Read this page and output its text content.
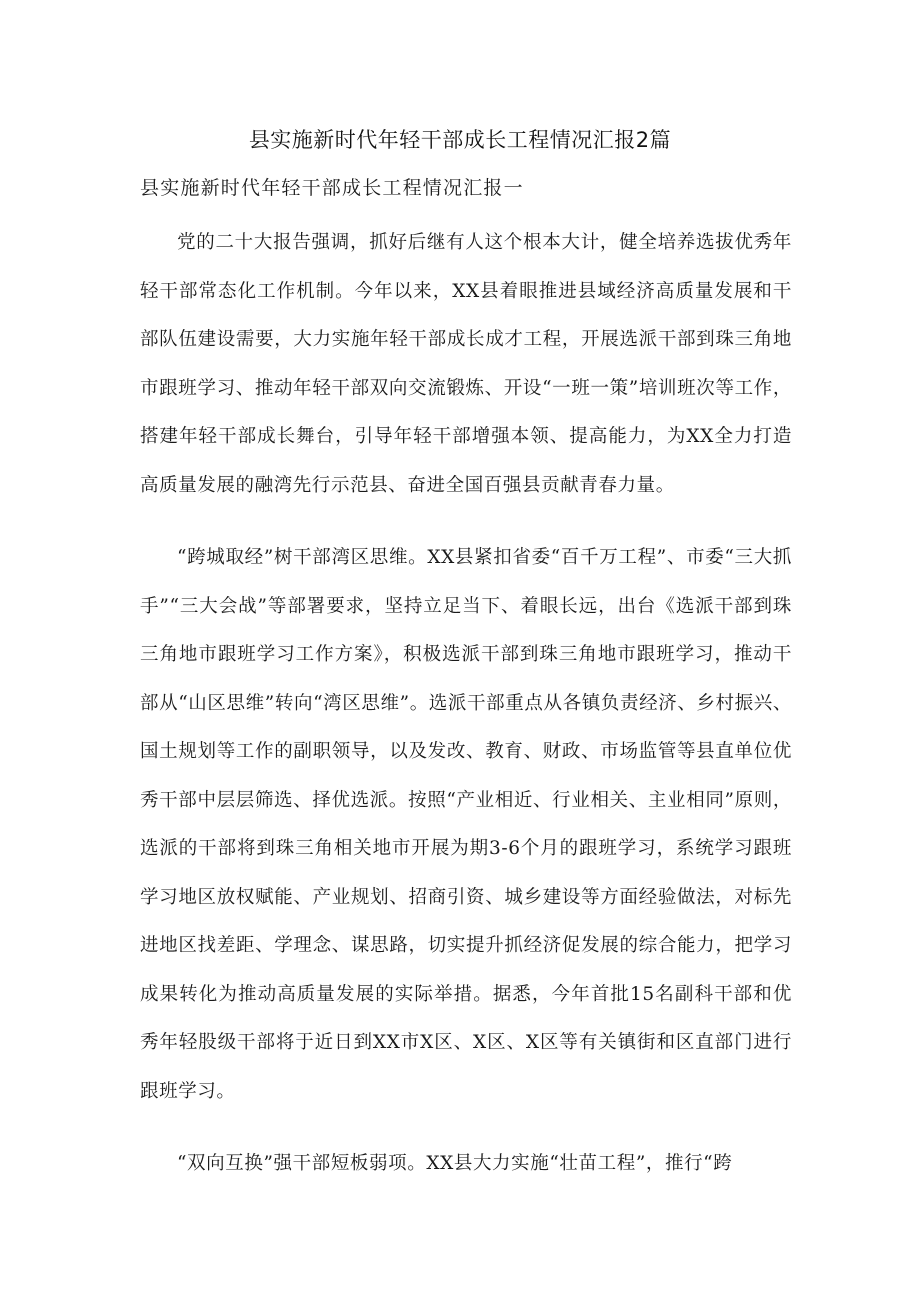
县实施新时代年轻干部成长工程情况汇报2篇
县实施新时代年轻干部成长工程情况汇报一

党的二十大报告强调，抓好后继有人这个根本大计，健全培养选拔优秀年轻干部常态化工作机制。今年以来，XX县着眼推进县域经济高质量发展和干部队伍建设需要，大力实施年轻干部成长成才工程，开展选派干部到珠三角地市跟班学习、推动年轻干部双向交流锻炼、开设“一班一策”培训班次等工作，搭建年轻干部成长舞台，引导年轻干部增强本领、提高能力，为XX全力打造高质量发展的融湾先行示范县、奋进全国百强县贡献青春力量。

“跨城取经”树干部湾区思维。XX县紧扣省委“百千万工程”、市委“三大抓手”“三大会战”等部署要求，坚持立足当下、着眼长远，出台《选派干部到珠三角地市跟班学习工作方案》，积极选派干部到珠三角地市跟班学习，推动干部从“山区思维”转向“湾区思维”。选派干部重点从各镇负责经济、乡村振兴、国土规划等工作的副职领导，以及发改、教育、财政、市场监管等县直单位优秀干部中层层筛选、择优选派。按照“产业相近、行业相关、主业相同”原则，选派的干部将到珠三角相关地市开展为期3-6个月的跟班学习，系统学习跟班学习地区放权赋能、产业规划、招商引资、城乡建设等方面经验做法，对标先进地区找差距、学理念、谋思路，切实提升抓经济促发展的综合能力，把学习成果转化为推动高质量发展的实际举措。据悉，今年首批15名副科干部和优秀年轻股级干部将于近日到XX市X区、X区、X区等有关镇街和区直部门进行跟班学习。

“双向互换”强干部短板弱项。XX县大力实施“壮苗工程”，推行“跨
